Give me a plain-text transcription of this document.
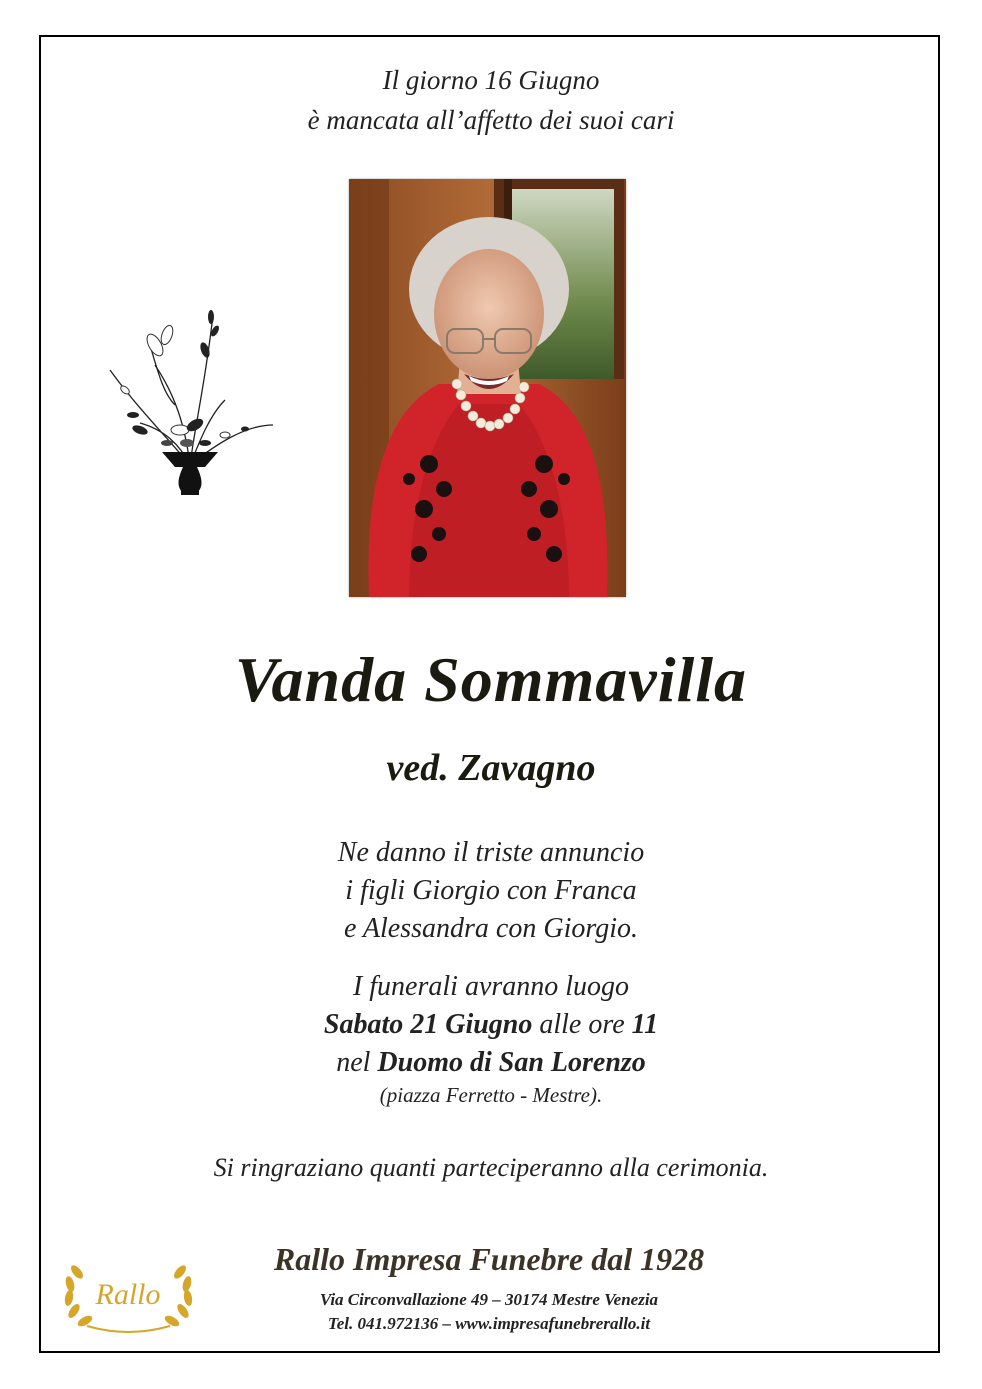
Il giorno 16 Giugno
è mancata all’affetto dei suoi cari
Vanda Sommavilla
ved. Zavagno
Ne danno il triste annuncio
i figli Giorgio con Franca
e Alessandra con Giorgio.
I funerali avranno luogo
Sabato 21 Giugno alle ore 11
nel Duomo di San Lorenzo
(piazza Ferretto - Mestre).
Si ringraziano quanti parteciperanno alla cerimonia.
Rallo
Rallo Impresa Funebre dal 1928
Via Circonvallazione 49 – 30174 Mestre Venezia
Tel. 041.972136 – www.impresafunebrerallo.it
